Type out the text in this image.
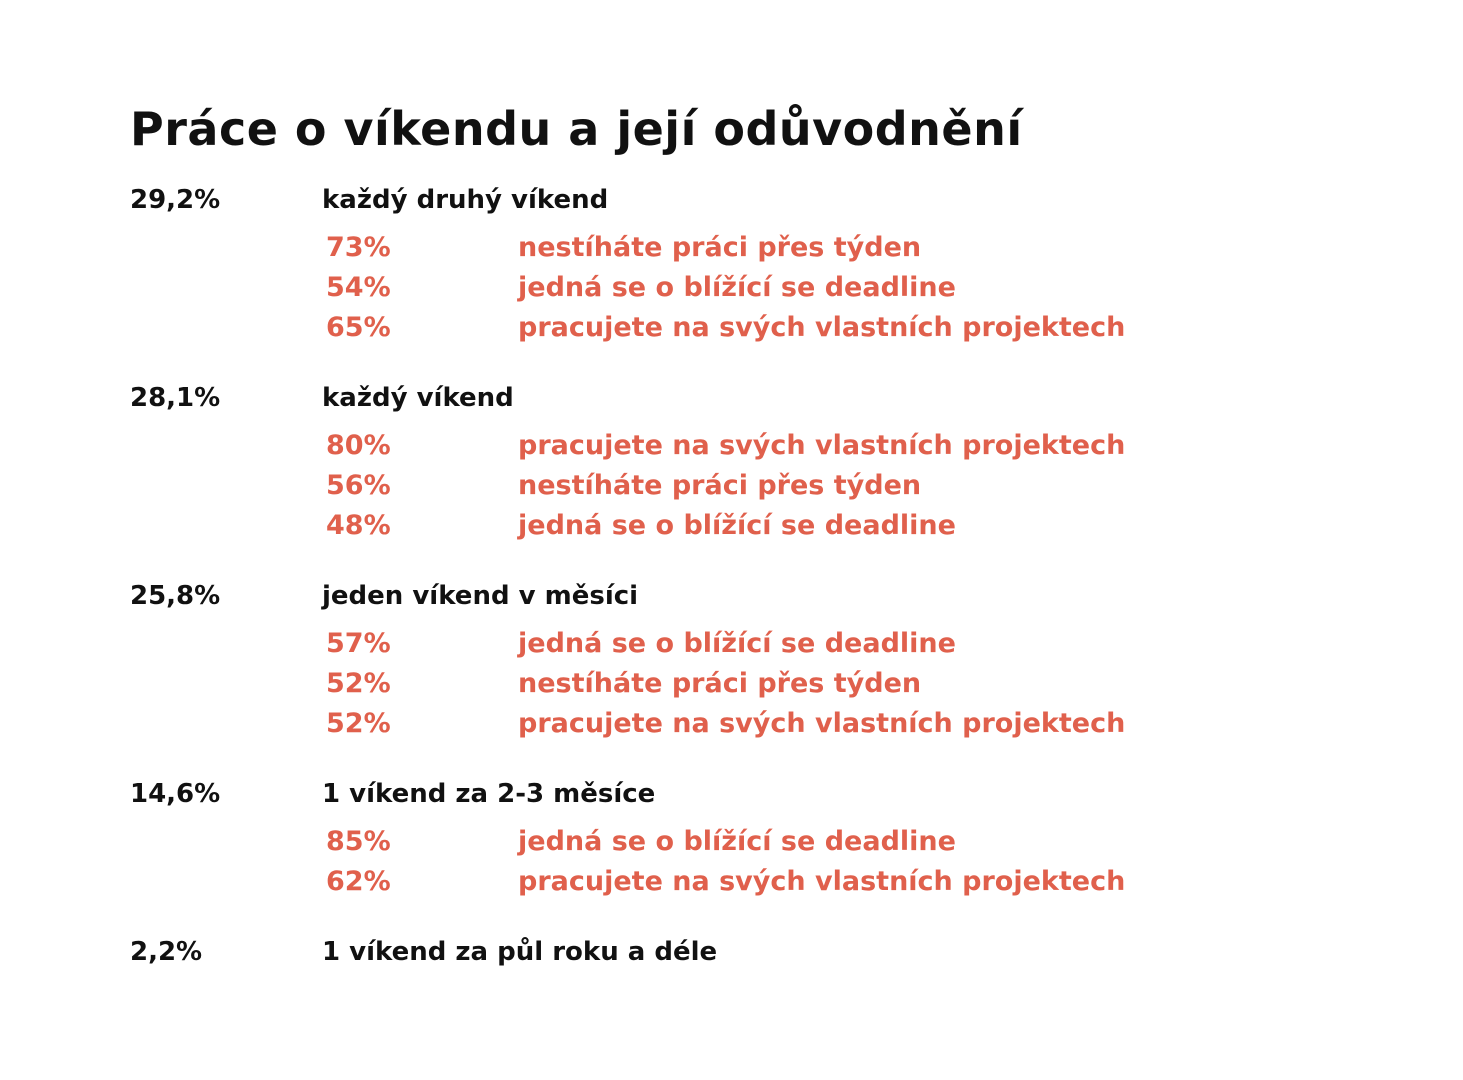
Práce o víkendu a její odůvodnění
29,2%	každý druhý víkend
73%	nestíháte práci přes týden
54%	jedná se o blížící se deadline
65%	pracujete na svých vlastních projektech
28,1%	každý víkend
80%	pracujete na svých vlastních projektech
56%	nestíháte práci přes týden
48%	jedná se o blížící se deadline
25,8%	jeden víkend v měsíci
57%	jedná se o blížící se deadline
52%	nestíháte práci přes týden
52%	pracujete na svých vlastních projektech
14,6%	1 víkend za 2-3 měsíce
85%	jedná se o blížící se deadline
62%	pracujete na svých vlastních projektech
2,2%	1 víkend za půl roku a déle
